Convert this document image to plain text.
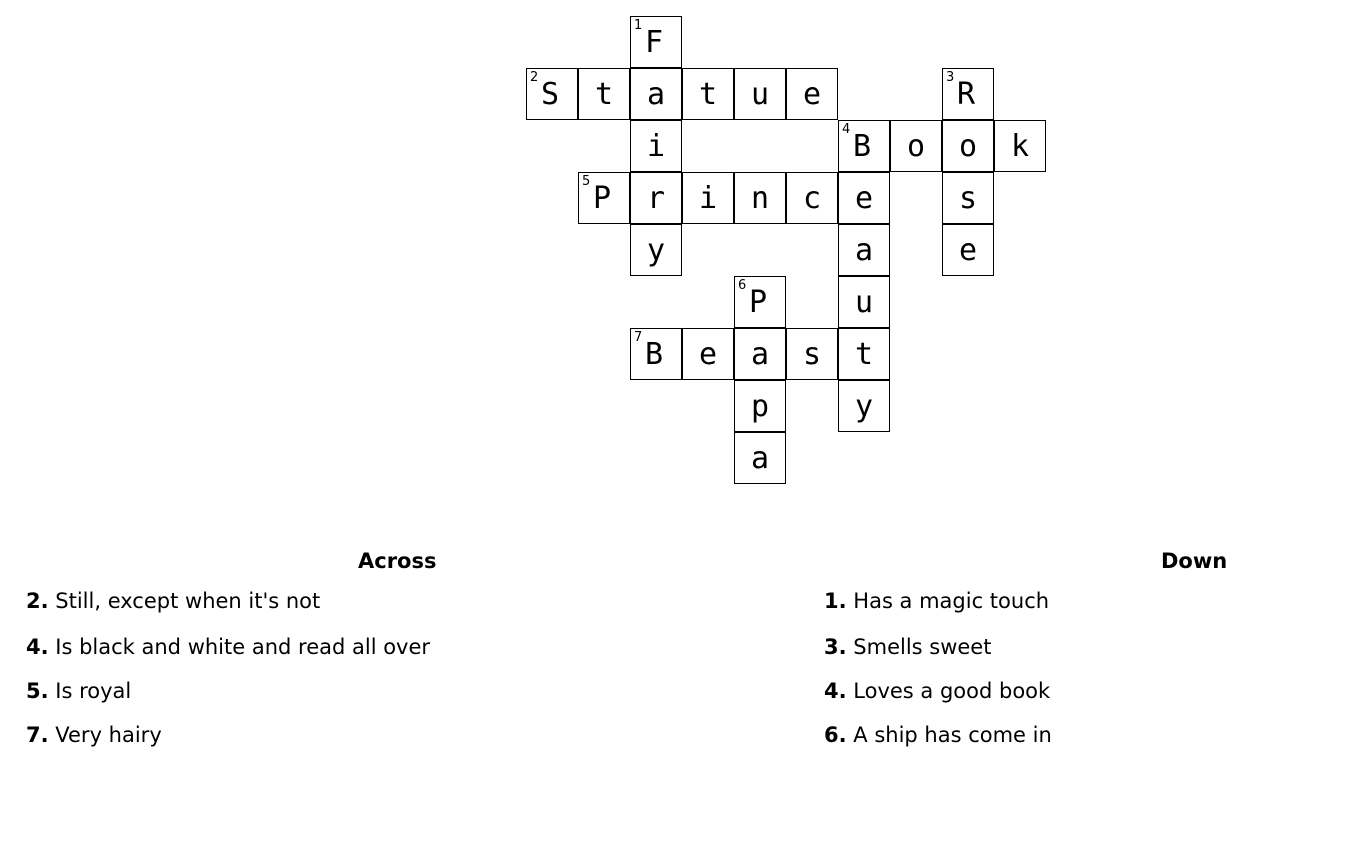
1 F
2 S	t	a	t	u	e	3 R
i	4 B	o	o	k
5 P	r	i	n	c	e	s
y	a	e
6 P	u
7 B	e	a	s	t
p	y
a
Across	Down
2. Still, except when it's not
4. Is black and white and read all over
5. Is royal
7. Very hairy
1. Has a magic touch
3. Smells sweet
4. Loves a good book
6. A ship has come in
